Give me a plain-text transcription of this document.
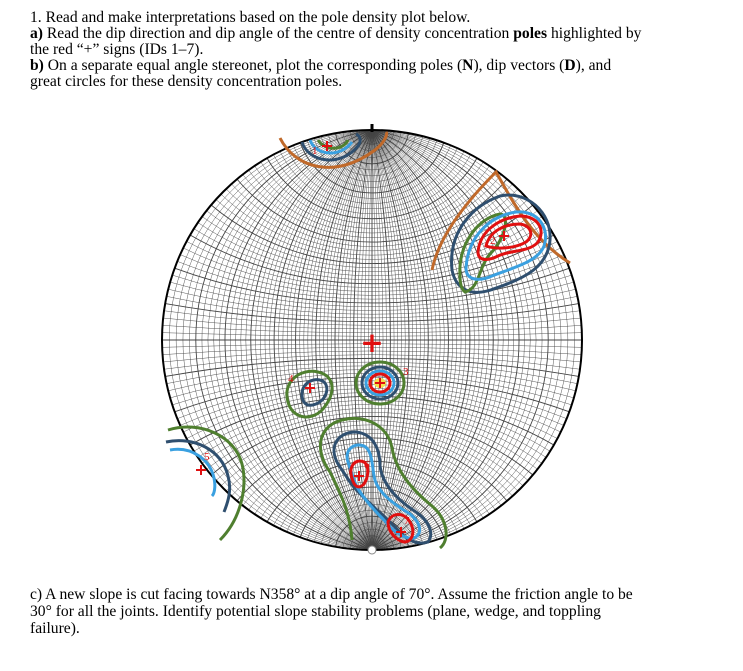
1. Read and make interpretations based on the pole density plot below.

a) Read the dip direction and dip angle of the centre of density concentration poles highlighted by

the red “+” signs (IDs 1–7).

b) On a separate equal angle stereonet, plot the corresponding poles (N), dip vectors (D), and

great circles for these density concentration poles.

+
1
2
3
4
5
6
7

c) A new slope is cut facing towards N358° at a dip angle of 70°. Assume the friction angle to be

30° for all the joints. Identify potential slope stability problems (plane, wedge, and toppling

failure).
